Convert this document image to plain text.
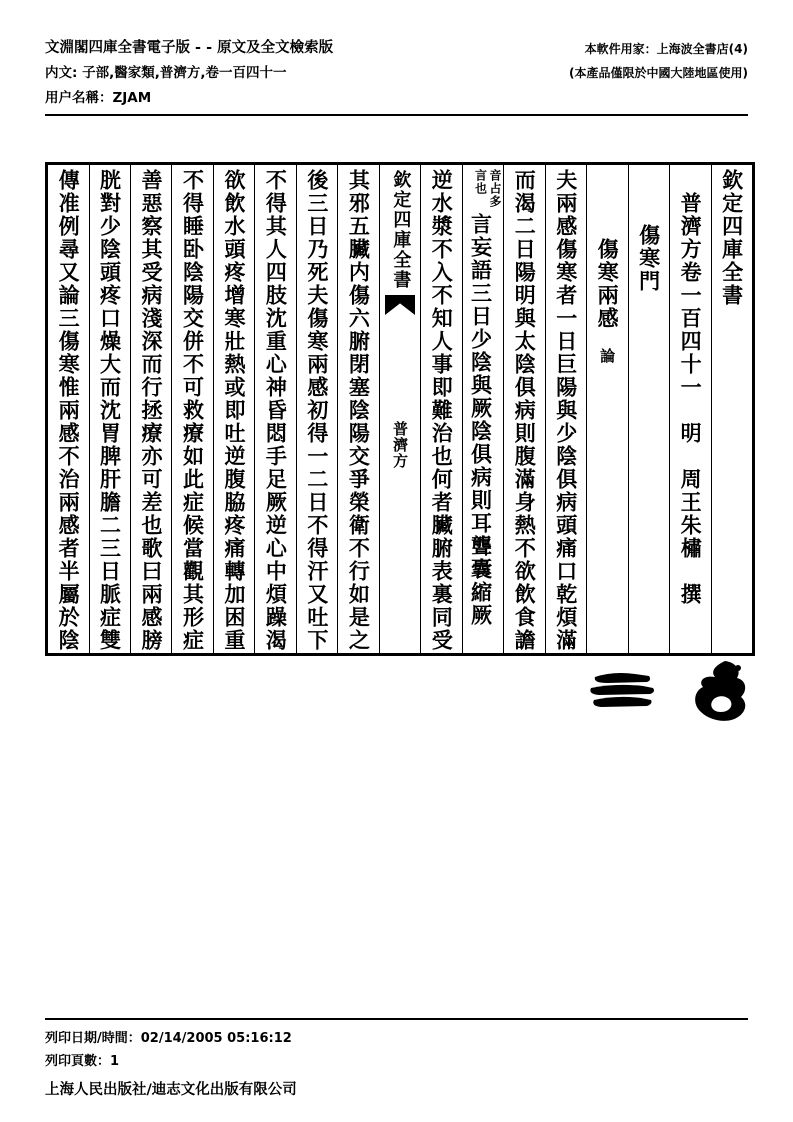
文淵閣四庫全書電子版 - - 原文及全文檢索版	本軟件用家：上海波全書店(4)
内文: 子部,醫家類,普濟方,卷一百四十一	(本產品僅限於中國大陸地區使用)
用户名稱：ZJAM
欽定四庫全書
普濟方卷一百四十一　明　周王朱橚　撰
傷寒門
傷寒兩感論
夫兩感傷寒者一日巨陽與少陰俱病頭痛口乾煩滿
而渴二日陽明與太陰俱病則腹滿身熱不欲飲食譫
音占多
言也
言妄語三日少陰與厥陰俱病則耳聾囊縮厥
逆水漿不入不知人事即難治也何者臟腑表裏同受
欽定四庫全書
普濟方
其邪五臟内傷六腑閉塞陰陽交爭榮衛不行如是之
後三日乃死夫傷寒兩感初得一二日不得汗又吐下
不得其人四肢沈重心神昏悶手足厥逆心中煩躁渴
欲飲水頭疼增寒壯熱或即吐逆腹脇疼痛轉加困重
不得睡卧陰陽交併不可救療如此症候當觀其形症
善惡察其受病淺深而行拯療亦可差也歌曰兩感膀
胱對少陰頭疼口燥大而沈胃脾肝膽二三日脈症雙
傳准例尋又論三傷寒惟兩感不治兩感者半屬於陰
列印日期/時間：02/14/2005 05:16:12
列印頁數：1
上海人民出版社/迪志文化出版有限公司
